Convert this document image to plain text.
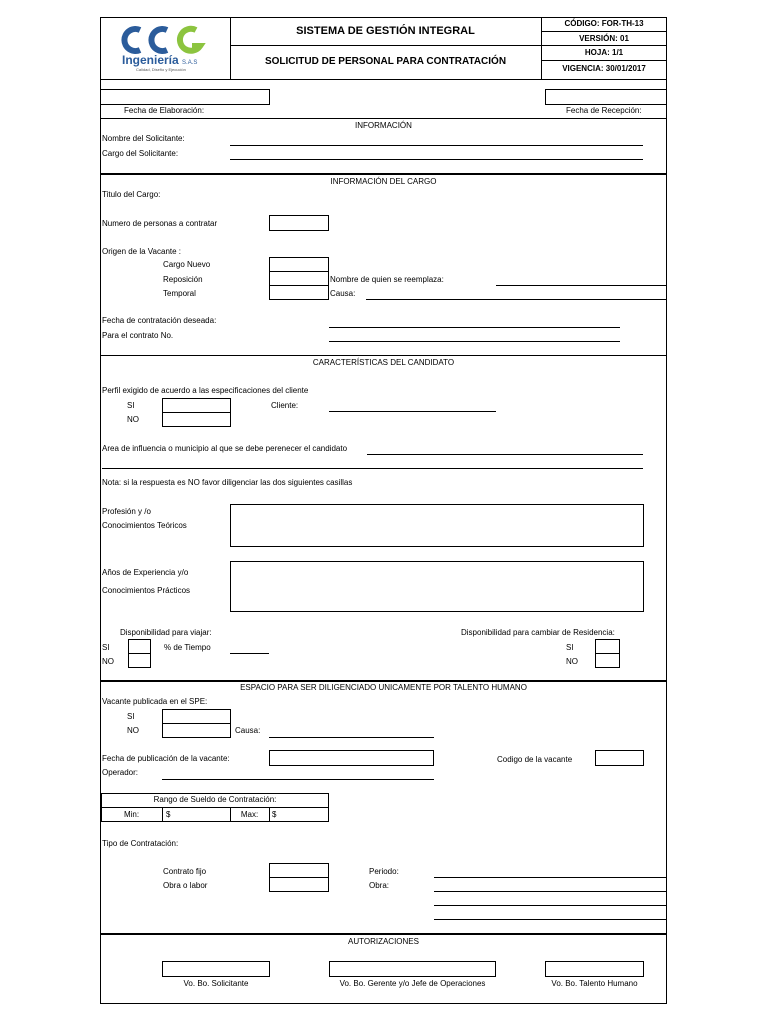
Ingeniería S.A.S
Calidad, Diseño y Ejecución
SISTEMA DE GESTIÓN INTEGRAL
SOLICITUD DE PERSONAL PARA CONTRATACIÓN
CÓDIGO: FOR-TH-13
VERSIÓN: 01
HOJA: 1/1
VIGENCIA: 30/01/2017
Fecha de Elaboración:	Fecha de Recepción:
INFORMACIÓN
Nombre del Solicitante:
Cargo del Solicitante:
INFORMACIÓN DEL CARGO
Titulo del Cargo:
Numero de personas a contratar
Origen de la Vacante :
Cargo Nuevo
Reposición
Temporal
Nombre de quien se reemplaza:
Causa:
Fecha de contratación deseada:
Para el contrato No.
CARACTERÍSTICAS DEL CANDIDATO
Perfil exigido de acuerdo a las especificaciones del cliente
SI
NO
Cliente:
Area de influencia o municipio al que se debe perenecer el candidato
Nota: si la respuesta es NO favor diligenciar las dos siguientes casillas
Profesión y /o
Conocimientos Teóricos
Años de Experiencia y/o
Conocimientos Prácticos
Disponibilidad para viajar:
SI
NO
% de Tiempo
Disponibilidad para cambiar de Residencia:
SI
NO
ESPACIO PARA SER DILIGENCIADO UNICAMENTE POR TALENTO HUMANO
Vacante publicada en el SPE:
SI
NO	Causa:
Fecha de publicación de la vacante:	Codigo de la vacante
Operador:
Rango de Sueldo de Contratación:
Min:	$	Max:	$
Tipo de Contratación:
Contrato fijo
Obra o labor
Periodo:
Obra:
AUTORIZACIONES
Vo. Bo. Solicitante	Vo. Bo. Gerente y/o Jefe de Operaciones	Vo. Bo. Talento Humano
